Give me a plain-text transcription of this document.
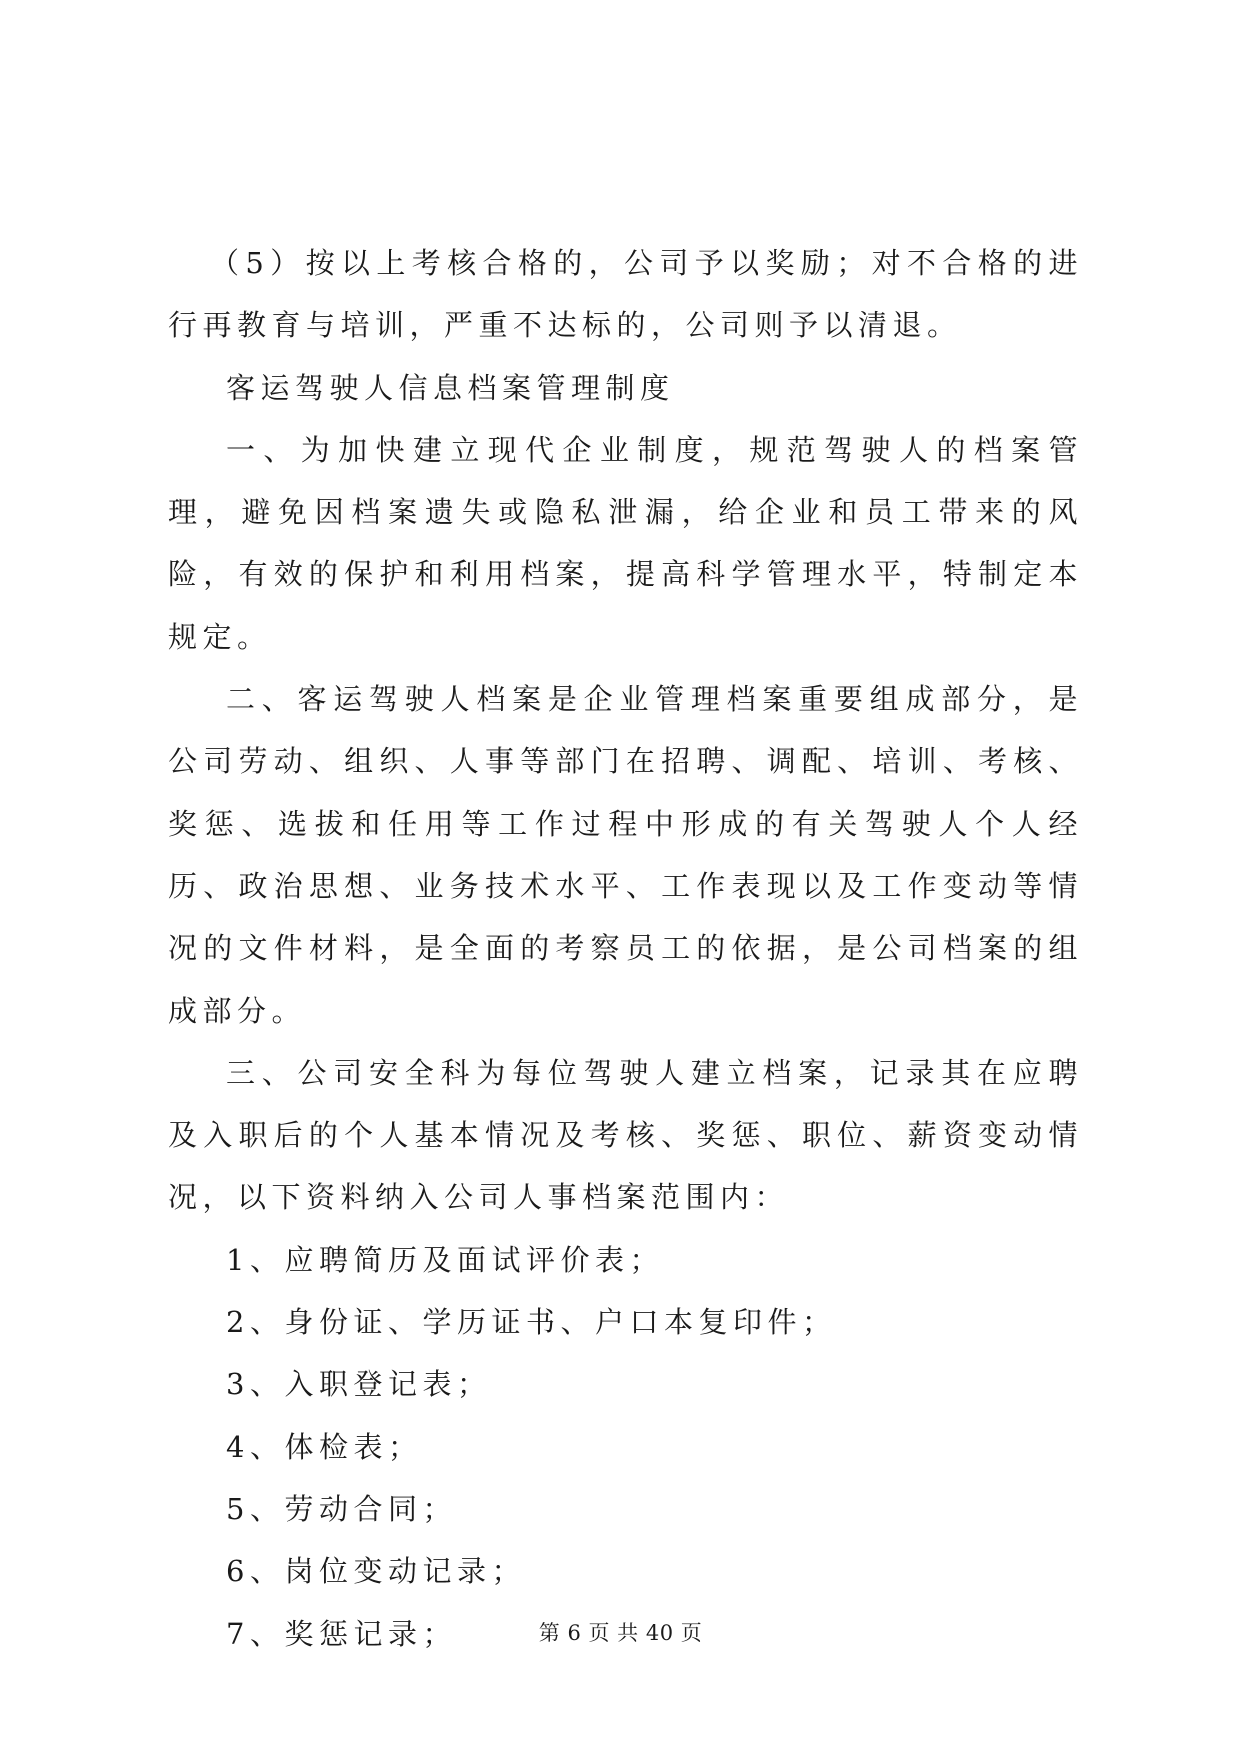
（5）按以上考核合格的，公司予以奖励；对不合格的进行再教育与培训，严重不达标的，公司则予以清退。

客运驾驶人信息档案管理制度

一、为加快建立现代企业制度，规范驾驶人的档案管理，避免因档案遗失或隐私泄漏，给企业和员工带来的风险，有效的保护和利用档案，提高科学管理水平，特制定本规定。

二、客运驾驶人档案是企业管理档案重要组成部分，是公司劳动、组织、人事等部门在招聘、调配、培训、考核、奖惩、选拔和任用等工作过程中形成的有关驾驶人个人经历、政治思想、业务技术水平、工作表现以及工作变动等情况的文件材料，是全面的考察员工的依据，是公司档案的组成部分。

三、公司安全科为每位驾驶人建立档案，记录其在应聘及入职后的个人基本情况及考核、奖惩、职位、薪资变动情况，以下资料纳入公司人事档案范围内：

1、应聘简历及面试评价表；

2、身份证、学历证书、户口本复印件；

3、入职登记表；

4、体检表；

5、劳动合同；

6、岗位变动记录；

7、奖惩记录；	第 6 页 共 40 页
